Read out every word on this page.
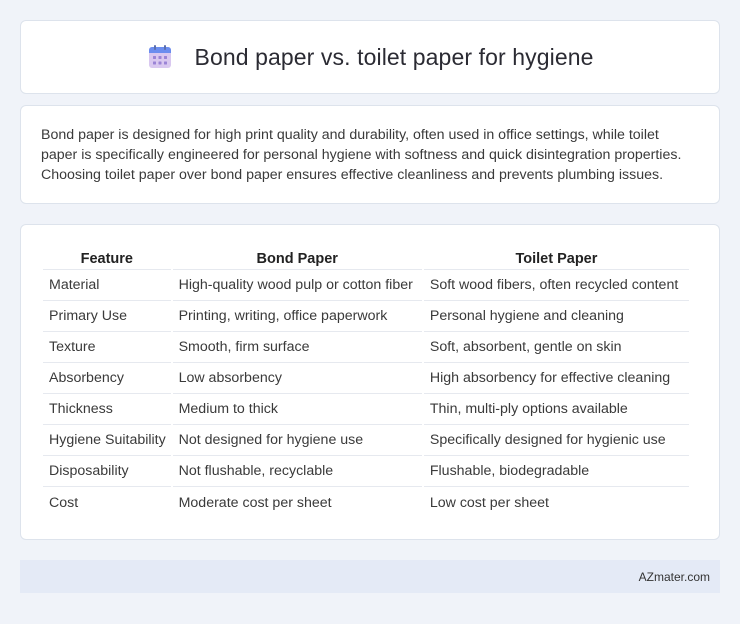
Bond paper vs. toilet paper for hygiene

Bond paper is designed for high print quality and durability, often used in office settings, while toilet paper is specifically engineered for personal hygiene with softness and quick disintegration properties. Choosing toilet paper over bond paper ensures effective cleanliness and prevents plumbing issues.

Feature	Bond Paper	Toilet Paper
Material	High-quality wood pulp or cotton fiber	Soft wood fibers, often recycled content
Primary Use	Printing, writing, office paperwork	Personal hygiene and cleaning
Texture	Smooth, firm surface	Soft, absorbent, gentle on skin
Absorbency	Low absorbency	High absorbency for effective cleaning
Thickness	Medium to thick	Thin, multi-ply options available
Hygiene Suitability	Not designed for hygiene use	Specifically designed for hygienic use
Disposability	Not flushable, recyclable	Flushable, biodegradable
Cost	Moderate cost per sheet	Low cost per sheet
AZmater.com
